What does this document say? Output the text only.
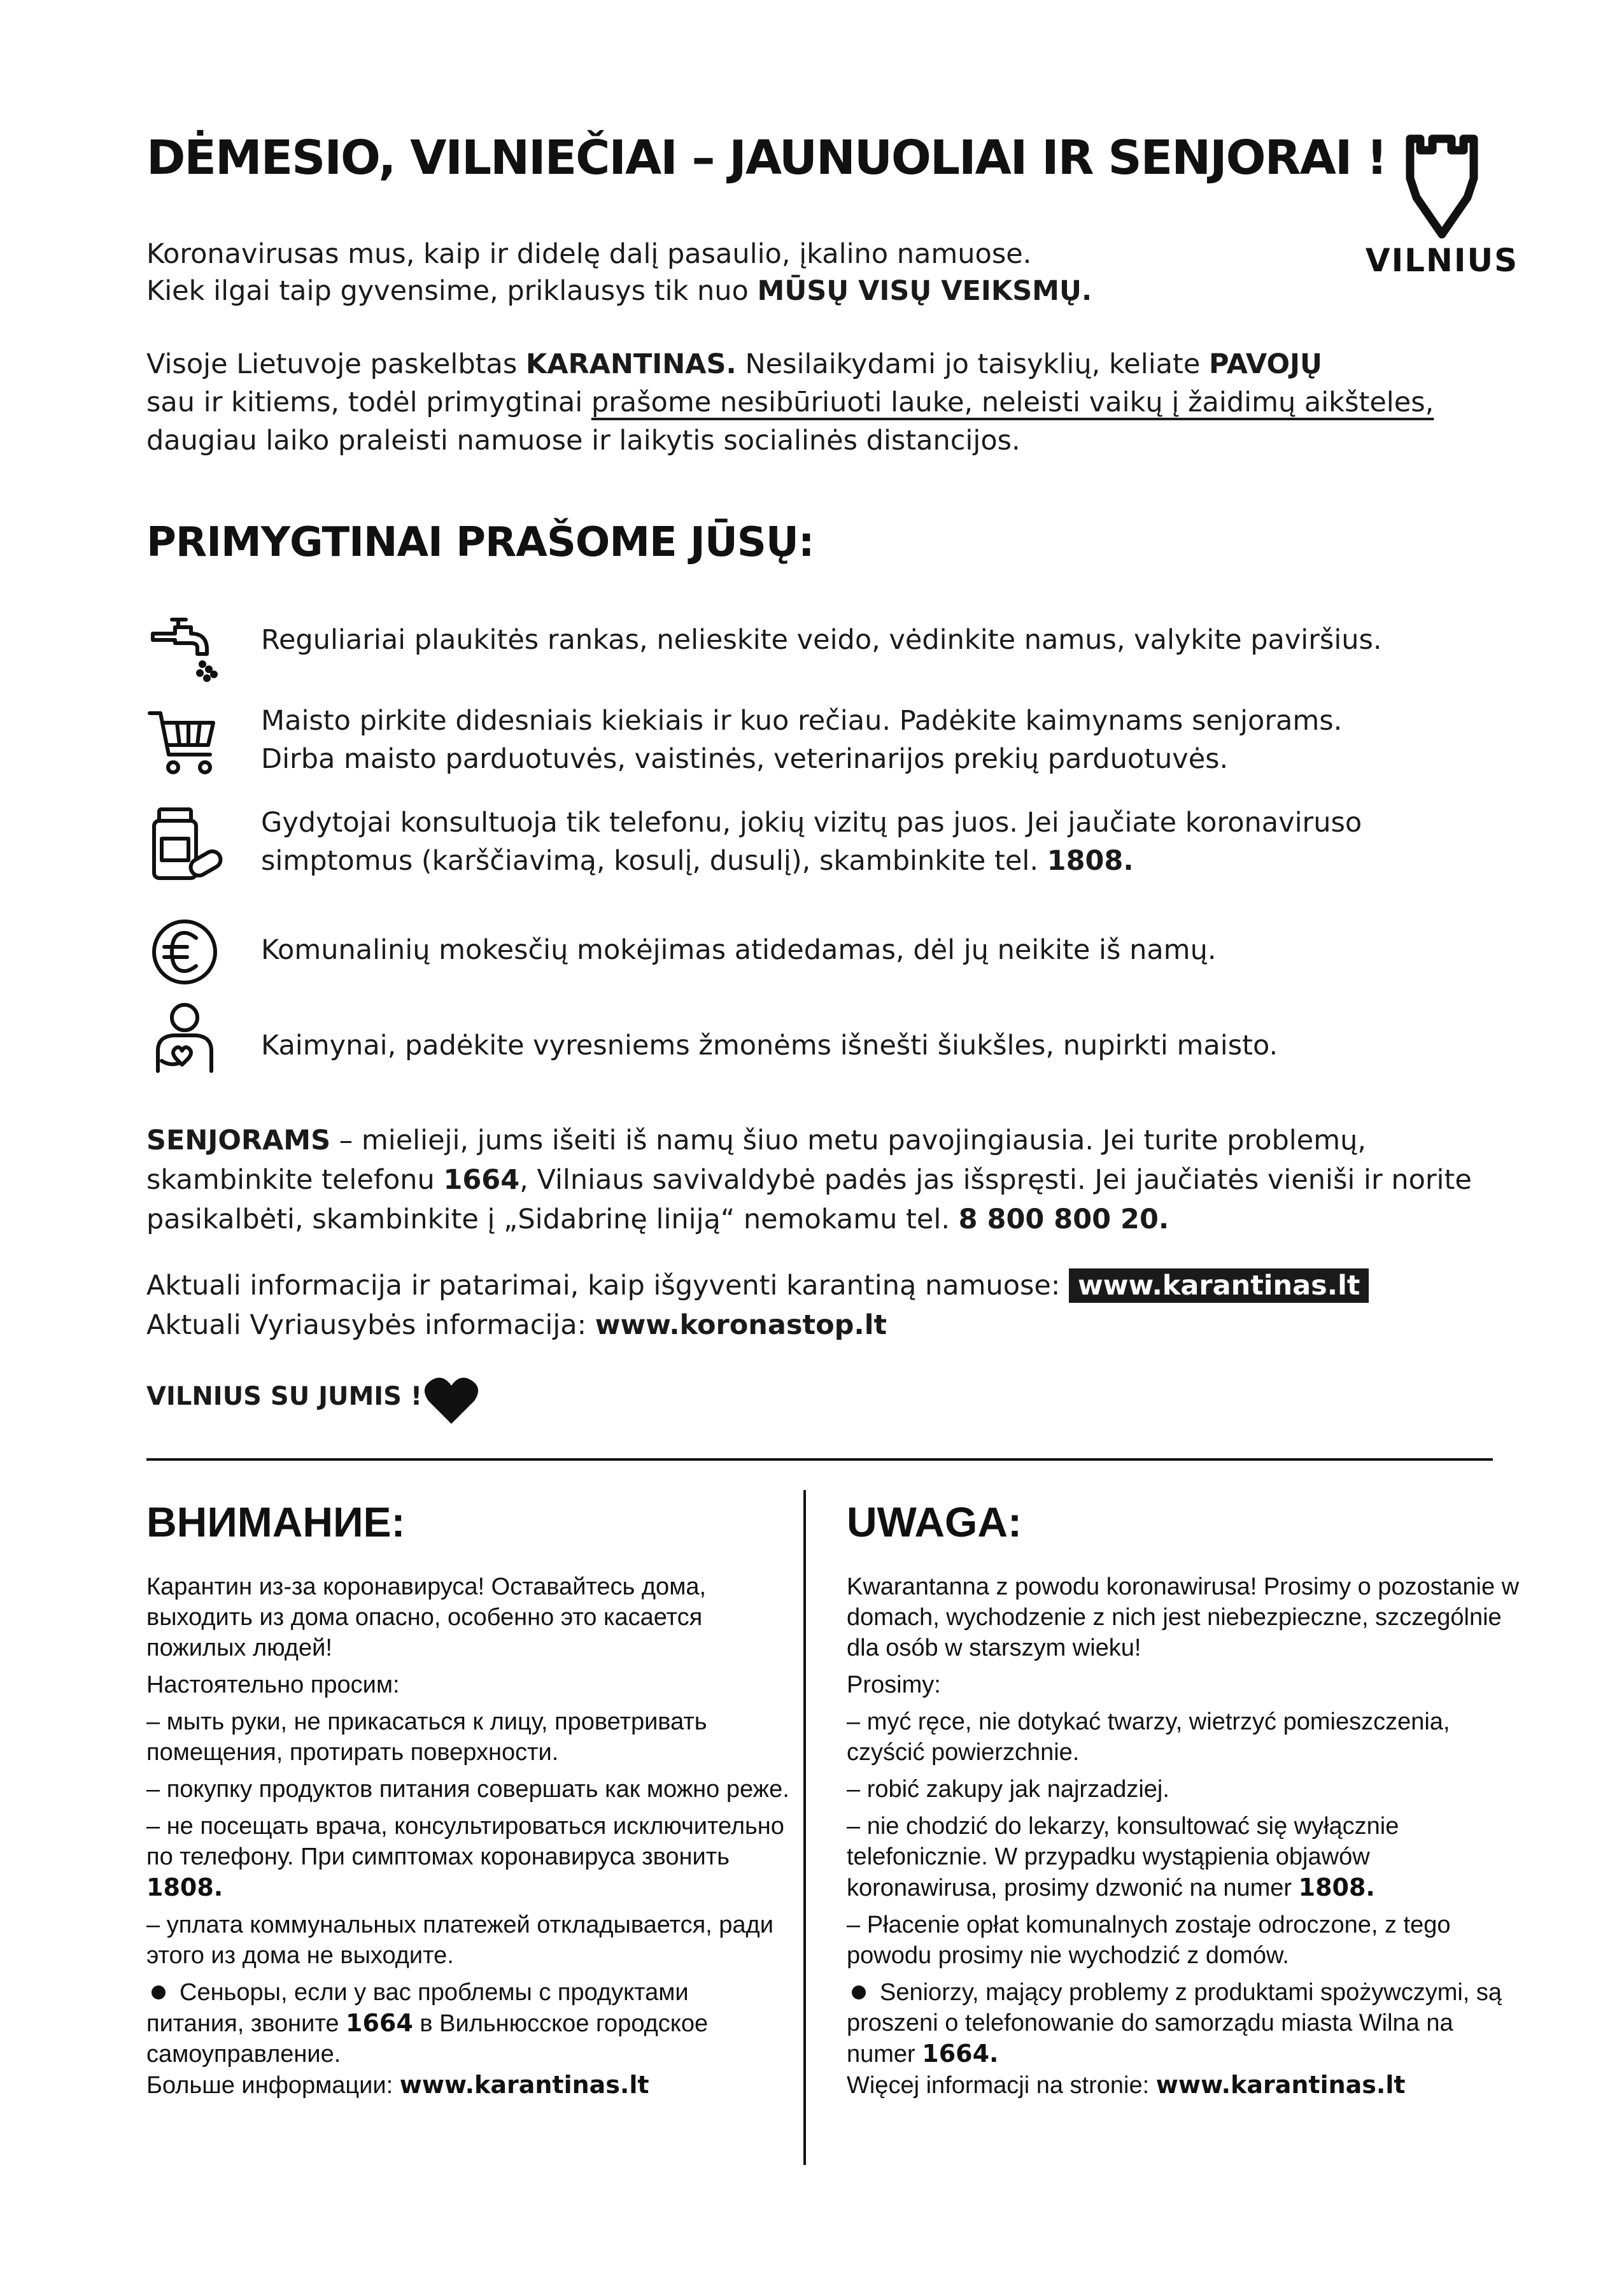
DĖMESIO, VILNIEČIAI – JAUNUOLIAI IR SENJORAI !
VILNIUS
Koronavirusas mus, kaip ir didelę dalį pasaulio, įkalino namuose.
Kiek ilgai taip gyvensime, priklausys tik nuo MŪSŲ VISŲ VEIKSMŲ.
Visoje Lietuvoje paskelbtas KARANTINAS. Nesilaikydami jo taisyklių, keliate PAVOJŲ
sau ir kitiems, todėl primygtinai prašome nesibūriuoti lauke, neleisti vaikų į žaidimų aikšteles,
daugiau laiko praleisti namuose ir laikytis socialinės distancijos.
PRIMYGTINAI PRAŠOME JŪSŲ:
Reguliariai plaukitės rankas, nelieskite veido, vėdinkite namus, valykite paviršius.
Maisto pirkite didesniais kiekiais ir kuo rečiau. Padėkite kaimynams senjorams.
Dirba maisto parduotuvės, vaistinės, veterinarijos prekių parduotuvės.
Gydytojai konsultuoja tik telefonu, jokių vizitų pas juos. Jei jaučiate koronaviruso
simptomus (karščiavimą, kosulį, dusulį), skambinkite tel. 1808.
Komunalinių mokesčių mokėjimas atidedamas, dėl jų neikite iš namų.
Kaimynai, padėkite vyresniems žmonėms išnešti šiukšles, nupirkti maisto.
SENJORAMS – mielieji, jums išeiti iš namų šiuo metu pavojingiausia. Jei turite problemų,
skambinkite telefonu 1664, Vilniaus savivaldybė padės jas išspręsti. Jei jaučiatės vieniši ir norite
pasikalbėti, skambinkite į „Sidabrinę liniją“ nemokamu tel. 8 800 800 20.
Aktuali informacija ir patarimai, kaip išgyventi karantiną namuose: www.karantinas.lt
Aktuali Vyriausybės informacija: www.koronastop.lt
VILNIUS SU JUMIS !
ВНИМАНИЕ:

Карантин из-за коронавируса! Оставайтесь дома, выходить из дома опасно, особенно это касается пожилых людей!

Настоятельно просим:

– мыть руки, не прикасаться к лицу, проветривать помещения, протирать поверхности.

– покупку продуктов питания совершать как можно реже.

– не посещать врача, консультироваться исключительно по телефону. При симптомах коронавируса звонить 1808.

– уплата коммунальных платежей откладывается, ради этого из дома не выходите.

Сеньоры, если у вас проблемы с продуктами питания, звоните 1664 в Вильнюсское городское самоуправление.

Больше информации: www.karantinas.lt

UWAGA:

Kwarantanna z powodu koronawirusa! Prosimy o pozostanie w domach, wychodzenie z nich jest niebezpieczne, szczególnie dla osób w starszym wieku!

Prosimy:

– myć ręce, nie dotykać twarzy, wietrzyć pomieszczenia, czyścić powierzchnie.

– robić zakupy jak najrzadziej.

– nie chodzić do lekarzy, konsultować się wyłącznie telefonicznie. W przypadku wystąpienia objawów koronawirusa, prosimy dzwonić na numer 1808.

– Płacenie opłat komunalnych zostaje odroczone, z tego powodu prosimy nie wychodzić z domów.

Seniorzy, mający problemy z produktami spożywczymi, są proszeni o telefonowanie do samorządu miasta Wilna na numer 1664.

Więcej informacji na stronie: www.karantinas.lt
